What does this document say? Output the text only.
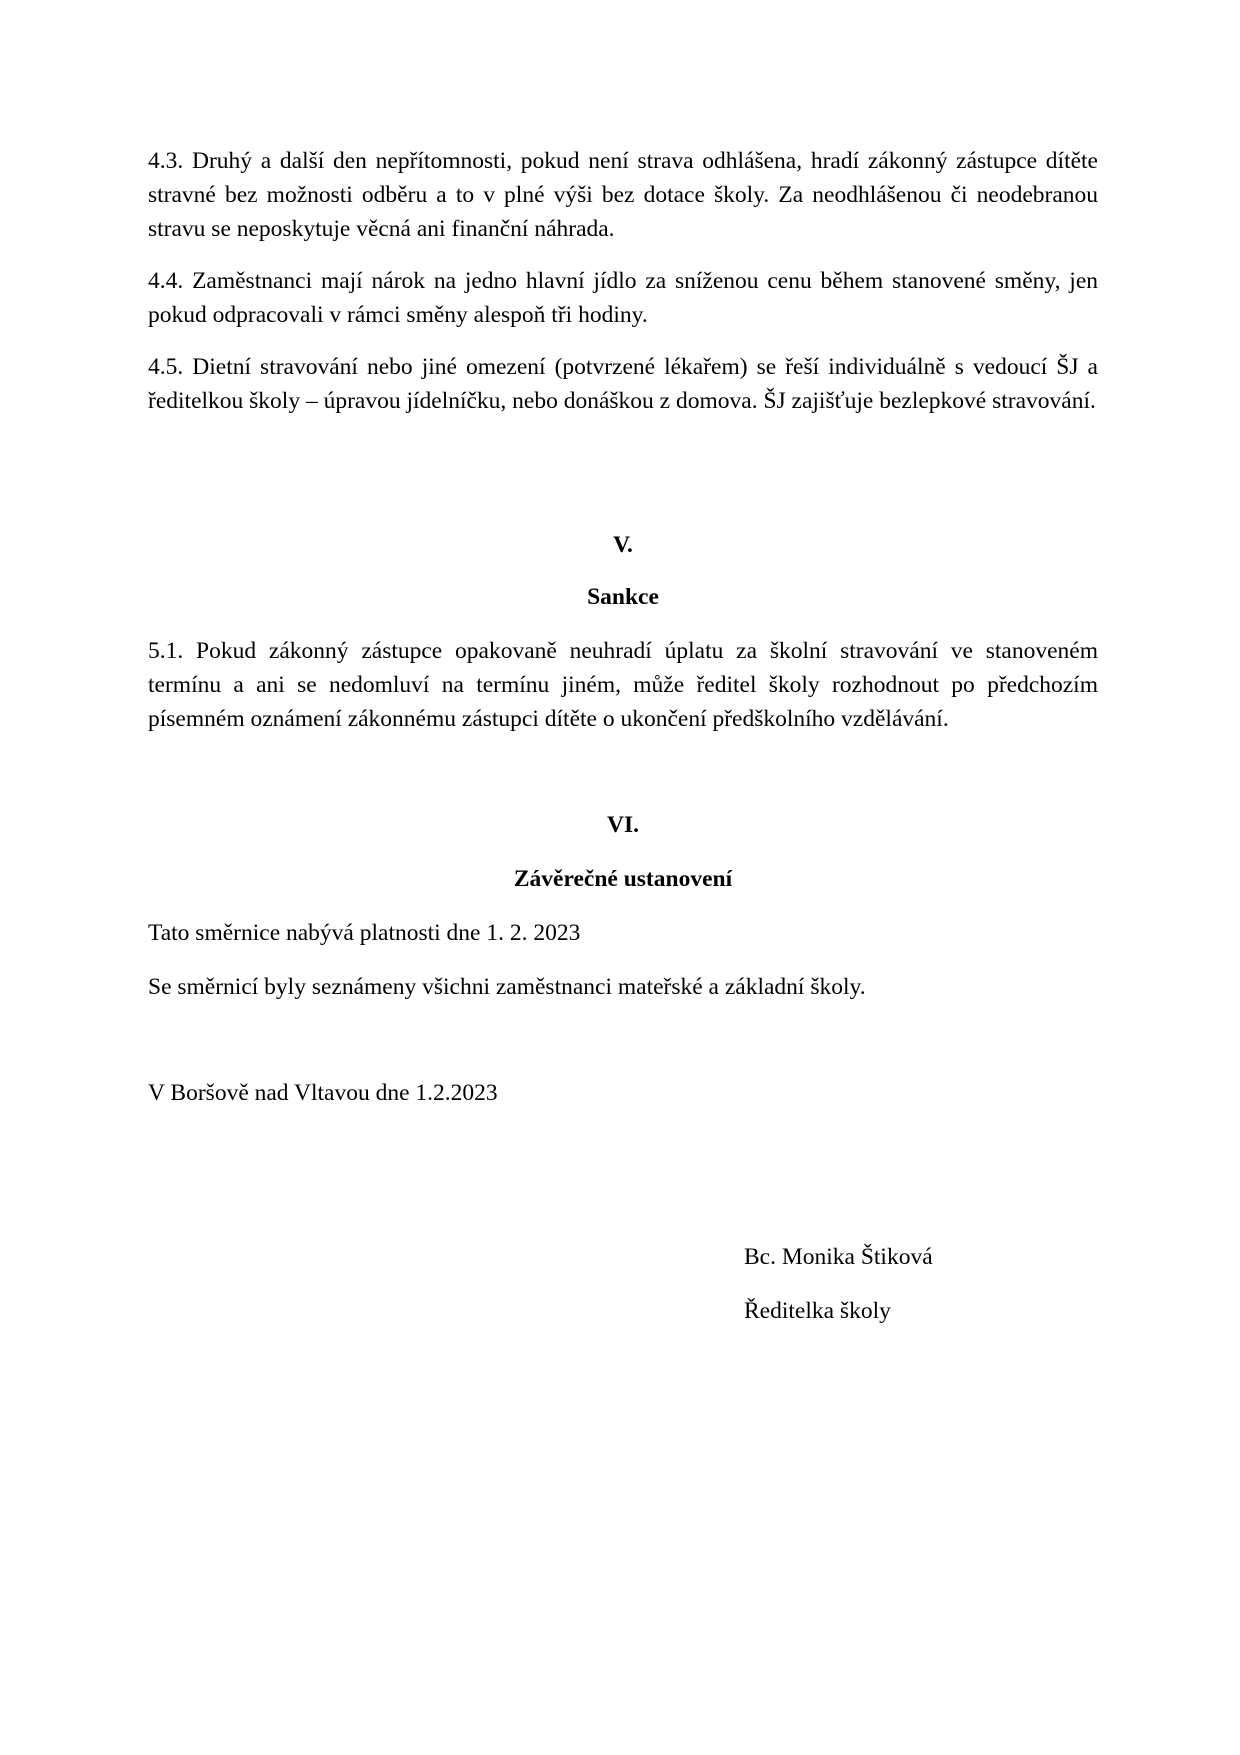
4.3. Druhý a další den nepřítomnosti, pokud není strava odhlášena, hradí zákonný zástupce dítěte stravné bez možnosti odběru a to v plné výši bez dotace školy. Za neodhlášenou či neodebranou stravu se neposkytuje věcná ani finanční náhrada.

4.4. Zaměstnanci mají nárok na jedno hlavní jídlo za sníženou cenu během stanovené směny, jen pokud odpracovali v rámci směny alespoň tři hodiny.

4.5. Dietní stravování nebo jiné omezení (potvrzené lékařem) se řeší individuálně s vedoucí ŠJ a ředitelkou školy – úpravou jídelníčku, nebo donáškou z domova. ŠJ zajišťuje bezlepkové stravování.

V.
Sankce

5.1. Pokud zákonný zástupce opakovaně neuhradí úplatu za školní stravování ve stanoveném termínu a ani se nedomluví na termínu jiném, může ředitel školy rozhodnout po předchozím písemném oznámení zákonnému zástupci dítěte o ukončení předškolního vzdělávání.

VI.
Závěrečné ustanovení

Tato směrnice nabývá platnosti dne 1. 2. 2023

Se směrnicí byly seznámeny všichni zaměstnanci mateřské a základní školy.

V Boršově nad Vltavou dne 1.2.2023

Bc. Monika Štiková

Ředitelka školy
